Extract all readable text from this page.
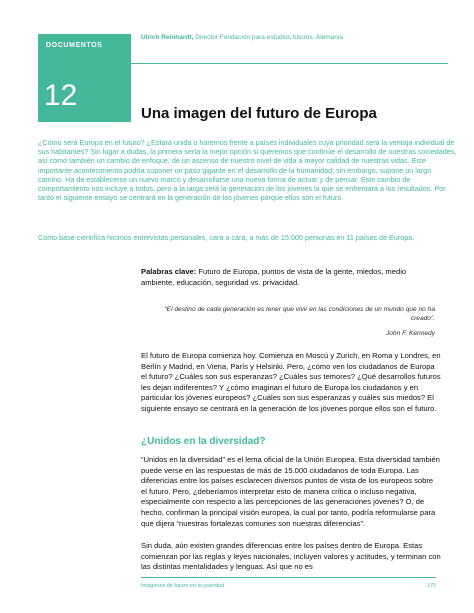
DOCUMENTOS
12
Ulrich Reinhardt, Director Fundación para estudios futuros. Alemania
Una imagen del futuro de Europa

¿Cómo será Europa en el futuro? ¿Estará unida o haremos frente a países individuales cuya prioridad será la ventaja individual de sus habitantes? Sin lugar a dudas, la primera sería la mejor opción si queremos que continúe el desarrollo de nuestras sociedades, así como también un cambio de enfoque, de un ascenso de nuestro nivel de vida a mayor calidad de nuestras vidas. Este importante acontecimiento podría suponer un paso gigante en el desarrollo de la humanidad, sin embargo, supone un largo camino. Ha de establecerse un nuevo marco y desarrollarse una nueva forma de actuar y de pensar. Este cambio de comportamiento nos incluye a todos, pero a la larga será la generación de los jóvenes la que se enfrentará a los resultados. Por tanto el siguiente ensayo se centrará en la generación de los jóvenes porque ellos son el futuro.

Como base científica hicimos entrevistas personales, cara a cara, a más de 15.000 personas en 11 países de Europa.

Palabras clave: Futuro de Europa, puntos de vista de la gente, miedos, medio ambiente, educación, seguridad vs. privacidad.

“El destino de cada generación es tener que vivir en las condiciones de un mundo que no ha creado”.

John F. Kennedy

El futuro de Europa comienza hoy. Comienza en Moscú y Zurich, en Roma y Londres, en Berlín y Madrid, en Viena, París y Helsinki. Pero, ¿cómo ven los ciudadanos de Europa el futuro? ¿Cuáles son sus esperanzas? ¿Cuáles sus temores? ¿Qué desarrollos futuros les dejan indiferentes? Y ¿cómo imaginan el futuro de Europa los ciudadanos y en particular los jóvenes europeos? ¿Cuáles son sus esperanzas y cuáles sus miedos? El siguiente ensayo se centrará en la generación de los jóvenes porque ellos son el futuro.

¿Unidos en la diversidad?

“Unidos en la diversidad” es el lema oficial de la Unión Europea. Esta diversidad también puede verse en las respuestas de más de 15.000 ciudadanos de toda Europa. Las diferencias entre los países esclarecen diversos puntos de vista de los europeos sobre el futuro. Pero, ¿deberíamos interpretar esto de manera crítica o incluso negativa, especialmente con respecto a las percepciones de las generaciones jóvenes? O, de hecho, confirman la principal visión europea, la cual por tanto, podría reformularse para que dijera “nuestras fortalezas comunes son nuestras diferencias”.

Sin duda, aún existen grandes diferencias entre los países dentro de Europa. Estas comienzan por las reglas y leyes nacionales, incluyen valores y actitudes, y terminan con las distintas mentalidades y lenguas. Así que no es

Imágenes de futuro en la juventud	175
